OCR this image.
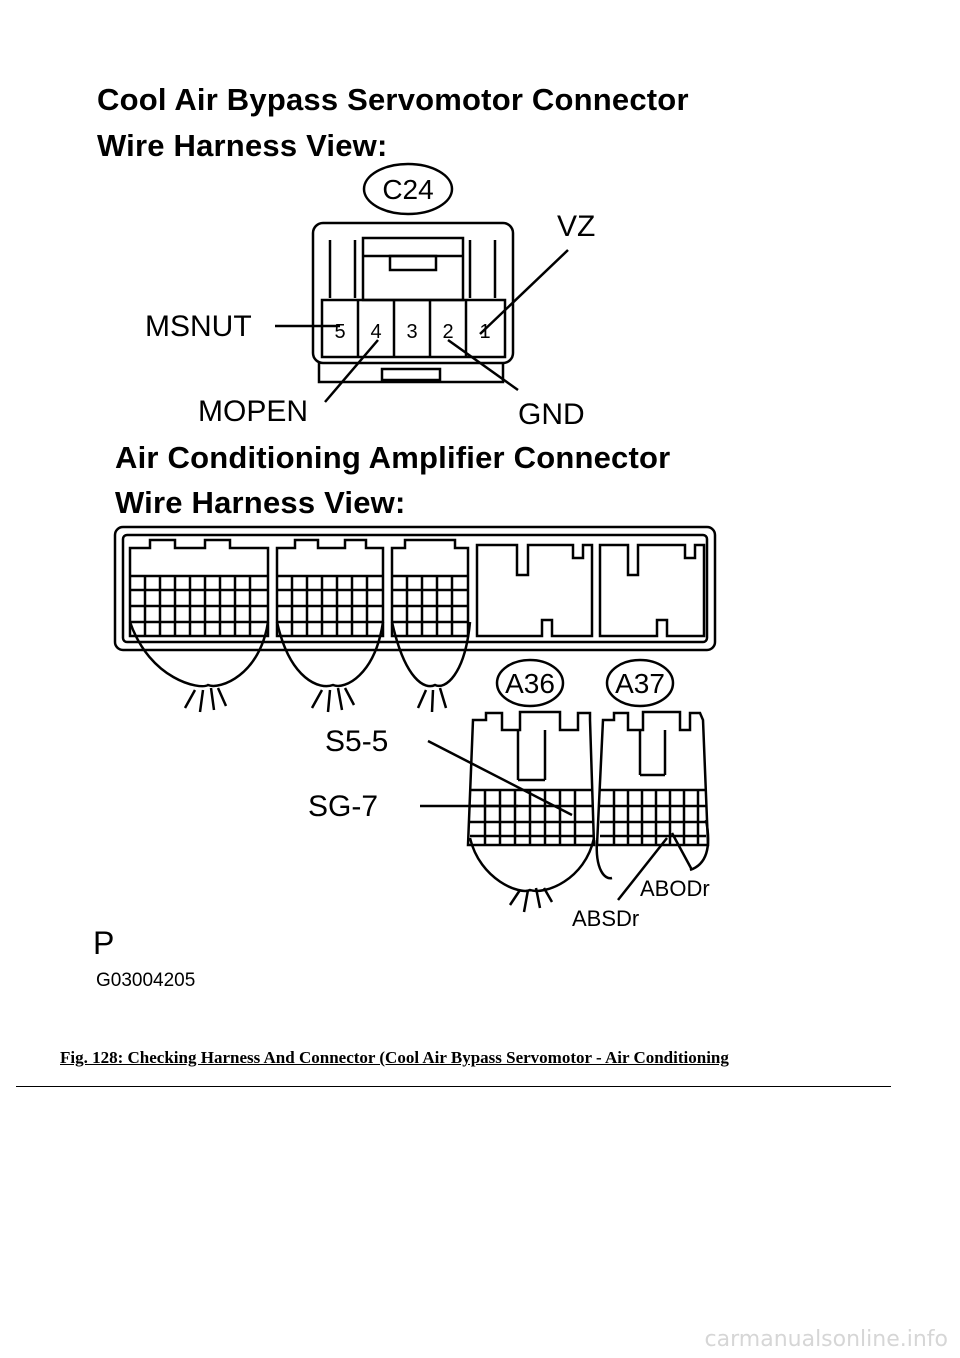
Cool Air Bypass Servomotor Connector
Wire Harness View:
Air Conditioning Amplifier Connector
Wire Harness View:
5 4 3 2 1
C24
A36 A37
VZ
MSNUT
MOPEN	GND
S5-5
SG-7
ABODr
ABSDr
P
G03004205
Fig. 128: Checking Harness And Connector (Cool Air Bypass Servomotor - Air Conditioning
carmanualsonline.info
